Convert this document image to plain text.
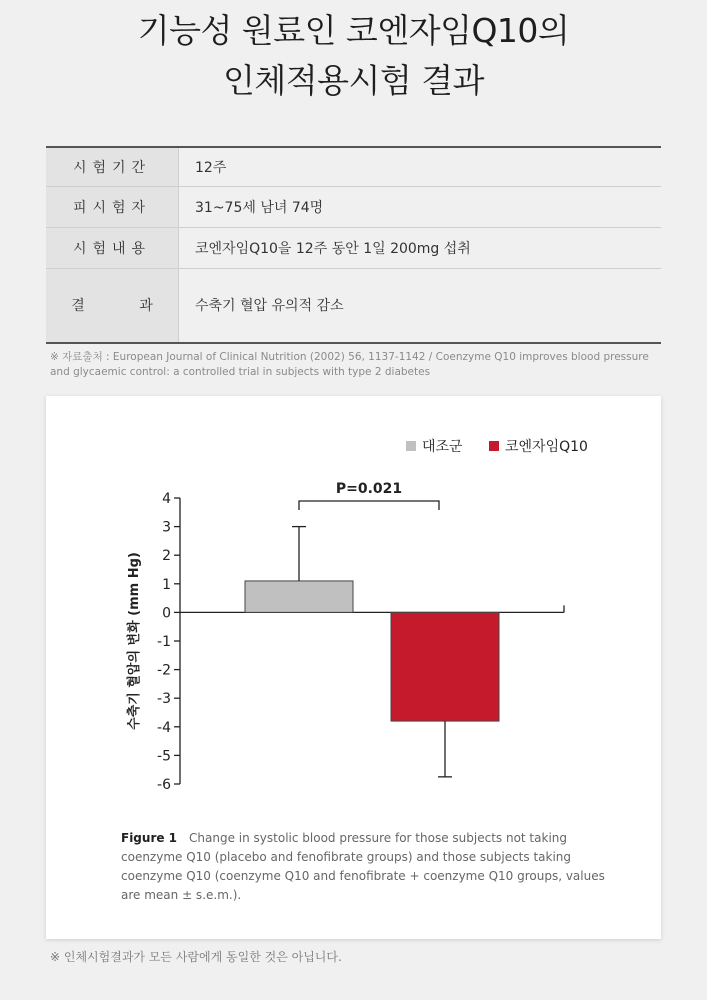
기능성 원료인 코엔자임Q10의
인체적용시험 결과
시험기간	12주
피시험자	31~75세 남녀 74명
시험내용	코엔자임Q10을 12주 동안 1일 200mg 섭취
결 과	수축기 혈압 유의적 감소
※ 자료출처 : European Journal of Clinical Nutrition (2002) 56, 1137-1142 / Coenzyme Q10 improves blood pressure and glycaemic control: a controlled trial in subjects with type 2 diabetes
4
3
2
1
0
-1
-2
-3
-4
-5
-6
수축기 혈압의 변화 (mm Hg)
P=0.021
대조군	코엔자임Q10
Figure 1 Change in systolic blood pressure for those subjects not taking coenzyme Q10 (placebo and fenofibrate groups) and those subjects taking coenzyme Q10 (coenzyme Q10 and fenofibrate + coenzyme Q10 groups, values are mean ± s.e.m.).
※ 인체시험결과가 모든 사람에게 동일한 것은 아닙니다.
